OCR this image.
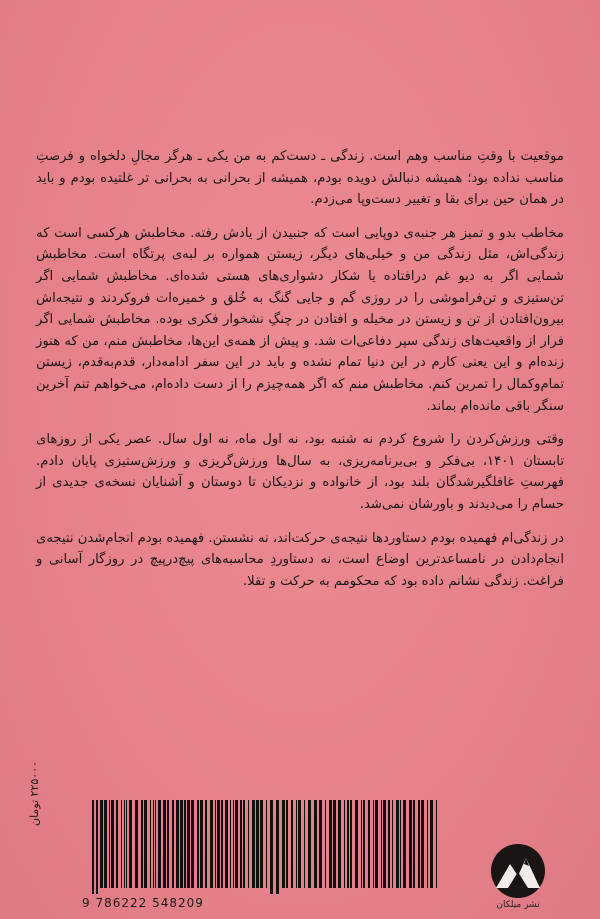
موقعیت با وقتِ مناسب وهم است. زندگی ـ دست‌کم به من یکی ـ هرگز مجالِ دلخواه و فرصتِ مناسب نداده بود؛ همیشه دنبالش دویده بودم، همیشه از بحرانی به بحرانی تر غلتیده بودم و باید در همان حین برای بقا و تغییر دست‌وپا می‌زدم.

مخاطب بدو و تمیز هر جنبه‌ی دوپایی است که جنبیدن از یادش رفته. مخاطبش هرکسی است که زندگی‌اش، مثل زندگی من و خیلی‌های دیگر، زیستن همواره بر لبه‌ی پرتگاه است. مخاطبش شمایی اگر به دیو غم درافتاده یا شکار دشواری‌های هستی شده‌ای. مخاطبش شمایی اگر تن‌ستیزی و تن‌فراموشی را در روزی گم و جایی گنگ به خُلق و خمیره‌ات فروکردند و نتیجه‌اش بیرون‌افتادن از تن و زیستن در مخیله و افتادن در چنگِ نشخوار فکری بوده. مخاطبش شمایی اگر فرار از واقعیت‌های زندگی سپر دفاعی‌ات شد. و پیش از همه‌ی این‌ها، مخاطبش منم، من که هنوز زنده‌ام و این یعنی کارم در این دنیا تمام نشده و باید در این سفر ادامه‌دار، قدم‌به‌قدم، زیستن تمام‌وکمال را تمرین کنم. مخاطبش منم که اگر همه‌چیزم را از دست داده‌ام، می‌خواهم تنم آخرین سنگر باقی مانده‌ام بماند.

وقتی ورزش‌کردن را شروع کردم نه شنبه بود، نه اول ماه، نه اول سال. عصر یکی از روزهای تابستان ۱۴۰۱، بی‌فکر و بی‌برنامه‌ریزی، به سال‌ها ورزش‌گریزی و ورزش‌ستیزی پایان دادم. فهرستِ غافلگیرشدگان بلند بود، از خانواده و نزدیکان تا دوستان و آشنایان نسخه‌ی جدیدی از حسام را می‌دیدند و باورشان نمی‌شد.

در زندگی‌ام فهمیده بودم دستاوردها نتیجه‌ی حرکت‌اند، نه نشستن. فهمیده بودم انجام‌شدن نتیجه‌ی انجام‌دادن در نامساعدترین اوضاع است، نه دستاوردِ محاسبه‌های پیچ‌درپیچ در روزگار آسانی و فراغت. زندگی نشانم داده بود که محکومم به حرکت و تقلا.

۲۲۵۰۰۰ تومان
9 786222 548209	نشر میلکان
